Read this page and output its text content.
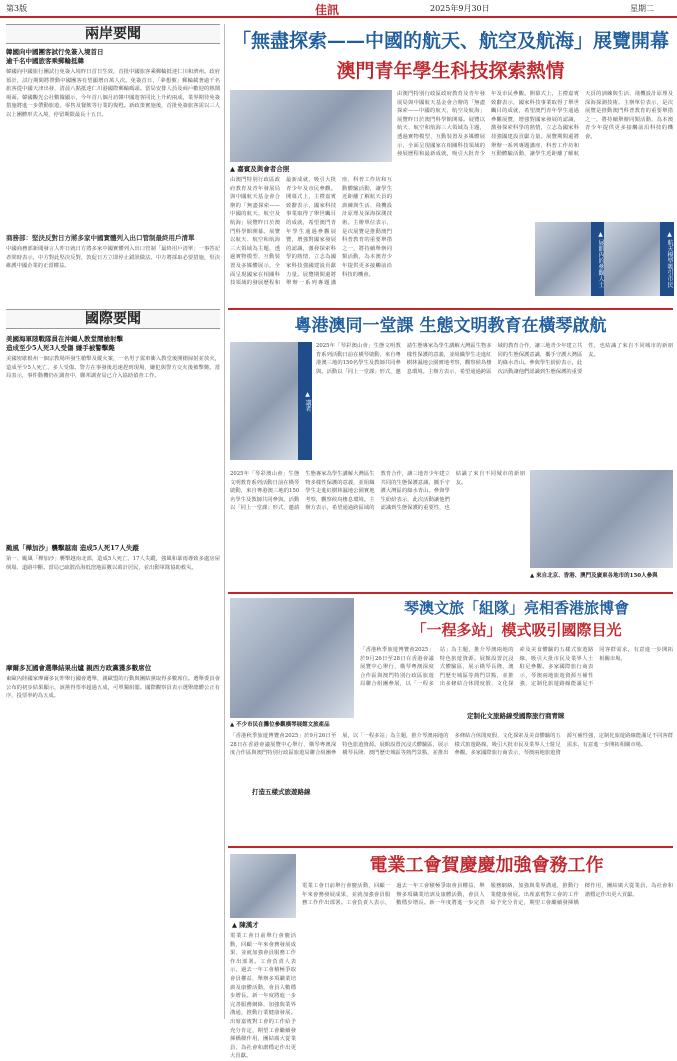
第3版	佳訊	2025年9月30日	星期二
兩岸要聞
韓國向中國團客試行免簽入境首日
逾千名中國旅客乘郵輪抵韓
韓國向中國旅行團試行免簽入境昨日首日生效，首批中國旅客乘郵輪抵達仁川和濟州。政府預計，試行期間將帶動中國團客有望顯增百萬人次。免簽首日，「夢想號」郵輪載著逾千名旅客從中國天津出發，清晨八點抵達仁川港國際郵輪碼頭。當局安排人員及商戶歡迎的熱鬧場面。韓國觀光公社數據顯示，今年首八個月訪韓中國遊客同比上升約兩成，業界期待免簽措施將進一步帶動旅遊、零售及餐飲等行業的復甦。新政策實施後，首批免簽旅客需以三人以上團體形式入境，停留期限最長十五日。
商務部：堅決反對日方將多家中國實體列入出口管制最終用戶清單
中國商務部新聞發言人昨日就日方將多家中國實體列入出口管制「最終用戶清單」一事答記者問時表示，中方對此堅決反對，敦促日方立即停止錯誤做法。中方將採取必要措施，堅決維護中國企業的正當權益。
國際要聞
美國海軍陸戰隊員在沖繩人教堂鬧槍射擊
造成至少5人死3人受傷 嫌手被警擊斃
美國密歇根州一個宗教場所發生槍擊及縱火案，一名男子駕車衝入教堂後開槍掃射並放火，造成至少5人死亡、多人受傷。警方在事發後迅速趕到現場，嫌犯與警方交火後被擊斃。當局表示，事件動機仍在調查中，聯邦調查局已介入協助偵查工作。
颱風「樺加沙」襲擊越南 造成5人死17人失蹤
第一、颱風「樺加沙」襲擊越南北部，造成5人死亡、17人失蹤，強風和暴雨導致多處房屋倒塌、道路中斷。當局已疏散沿海低窪地區數以萬計居民，並出動軍隊協助救災。
摩爾多瓦國會選舉結果出爐 親西方政黨獲多數席位
東歐內陸國家摩爾多瓦昨舉行國會選舉，親歐盟的行動與團結黨取得多數席位。選舉委員會公布的初步結果顯示，該黨得票率超過五成，可單獨組閣。國際觀察員表示選舉總體公正有序，投票率約為五成。
「無盡探索——中國的航天、航空及航海」展覽開幕
澳門青年學生科技探索熱情
▲ 嘉賓及與會者合照
由澳門特別行政區政府教育及青年發展局與中國航天基金會合辦的「無盡探索——中國的航天、航空及航海」展覽昨日於澳門科學館開幕。展覽以航天、航空和航海三大領域為主題，透過實物模型、互動裝置及多媒體展示，全面呈現國家在相關科技領域的發展歷程和最新成就，吸引大批青少年及市民參觀。開幕式上，主禮嘉賓致辭表示，國家科技事業取得了舉世矚目的成就，希望澳門青年學生通過參觀展覽，增強對國家發展的認識，激發探索科學的熱情，立志為國家科技強國建設貢獻力量。展覽期間還將舉辦一系列專題講座、科普工作坊和互動體驗活動，讓學生近距離了解航天員的訓練與生活、飛機設計原理及深海探測技術。主辦單位表示，是次展覽是推動澳門科普教育的重要舉措之一，將持續舉辦同類活動，為本澳青少年提供更多接觸前沿科技的機會。
由澳門特別行政區政府教育及青年發展局與中國航天基金會合辦的「無盡探索——中國的航天、航空及航海」展覽昨日於澳門科學館開幕。展覽以航天、航空和航海三大領域為主題，透過實物模型、互動裝置及多媒體展示，全面呈現國家在相關科技領域的發展歷程和最新成就，吸引大批青少年及市民參觀。開幕式上，主禮嘉賓致辭表示，國家科技事業取得了舉世矚目的成就，希望澳門青年學生通過參觀展覽，增強對國家發展的認識，激發探索科學的熱情，立志為國家科技強國建設貢獻力量。展覽期間還將舉辦一系列專題講座、科普工作坊和互動體驗活動，讓學生近距離了解航天員的訓練與生活、飛機設計原理及深海探測技術。主辦單位表示，是次展覽是推動澳門科普教育的重要舉措之一，將持續舉辦同類活動，為本澳青少年提供更多接觸前沿科技的機會。
▲ 展館內的參觀人士	▲ 航天模型吸引市民
粵港澳同一堂課 生態文明教育在橫琴啟航
▲ 講者
2025年「琴彩澳山會」生態文明教育系列活動日前在橫琴啟動，來自粵港澳三地的150名學生及教師共同參與。活動以「同上一堂課」形式，邀請生態專家為學生講解大灣區生物多樣性保護的意義，並組織學生走進紅樹林濕地公園實地考察，觀察候鳥棲息環境。主辦方表示，希望通過跨區域的教育合作，讓三地青少年建立共同的生態保護意識，攜手守護大灣區的綠水青山。參與學生紛紛表示，此次活動讓他們認識到生態保護的重要性，也結識了來自不同城市的新朋友。
2025年「琴彩澳山會」生態文明教育系列活動日前在橫琴啟動，來自粵港澳三地的150名學生及教師共同參與。活動以「同上一堂課」形式，邀請生態專家為學生講解大灣區生物多樣性保護的意義，並組織學生走進紅樹林濕地公園實地考察，觀察候鳥棲息環境。主辦方表示，希望通過跨區域的教育合作，讓三地青少年建立共同的生態保護意識，攜手守護大灣區的綠水青山。參與學生紛紛表示，此次活動讓他們認識到生態保護的重要性，也結識了來自不同城市的新朋友。
▲ 來自北京、香港、澳門及廣東各地市的150人參與
琴澳文旅「組隊」亮相香港旅博會
「一程多站」模式吸引國際目光
▲ 不少市民在攤位參觀橫琴展館文旅產品
「香港秋季旅遊博覽會2025」於9月26日至28日在香港會議展覽中心舉行，橫琴粵澳深度合作區與澳門特別行政區旅遊局聯合組團參展，以「一程多站」為主題，推介琴澳兩地的特色旅遊資源。展館設置沉浸式體驗區，展示橫琴長隆、澳門歷史城區等熱門景點，並推出多條結合休閒度假、文化探索及美食體驗的五樣式旅遊路線，吸引大批市民及業界人士駐足參觀。多家國際旅行商表示，琴澳兩地旅遊資源互補性強，定制化旅遊路線能滿足不同客群需求，有意進一步開拓相關市場。
打造五樣式旅遊路線
定制化文旅路線受國際旅行商青睞
「香港秋季旅遊博覽會2025」於9月26日至28日在香港會議展覽中心舉行，橫琴粵澳深度合作區與澳門特別行政區旅遊局聯合組團參展，以「一程多站」為主題，推介琴澳兩地的特色旅遊資源。展館設置沉浸式體驗區，展示橫琴長隆、澳門歷史城區等熱門景點，並推出多條結合休閒度假、文化探索及美食體驗的五樣式旅遊路線，吸引大批市民及業界人士駐足參觀。多家國際旅行商表示，琴澳兩地旅遊資源互補性強，定制化旅遊路線能滿足不同客群需求，有意進一步開拓相關市場。
電業工會賀慶慶加強會務工作
▲ 陳漢才
電業工會日前舉行會慶活動，回顧一年來會務發展成果，並就加強會員服務工作作出部署。工會負責人表示，過去一年工會積極爭取會員權益，舉辦多項職業培訓及康體活動，會員人數穩步增長。新一年度將進一步完善服務網絡，加強與業界溝通，推動行業健康發展。出席嘉賓對工會的工作給予充分肯定，期望工會繼續發揮橋樑作用，團結廣大從業員，為社會和諧穩定作出更大貢獻。
電業工會日前舉行會慶活動，回顧一年來會務發展成果，並就加強會員服務工作作出部署。工會負責人表示，過去一年工會積極爭取會員權益，舉辦多項職業培訓及康體活動，會員人數穩步增長。新一年度將進一步完善服務網絡，加強與業界溝通，推動行業健康發展。出席嘉賓對工會的工作給予充分肯定，期望工會繼續發揮橋樑作用，團結廣大從業員，為社會和諧穩定作出更大貢獻。
